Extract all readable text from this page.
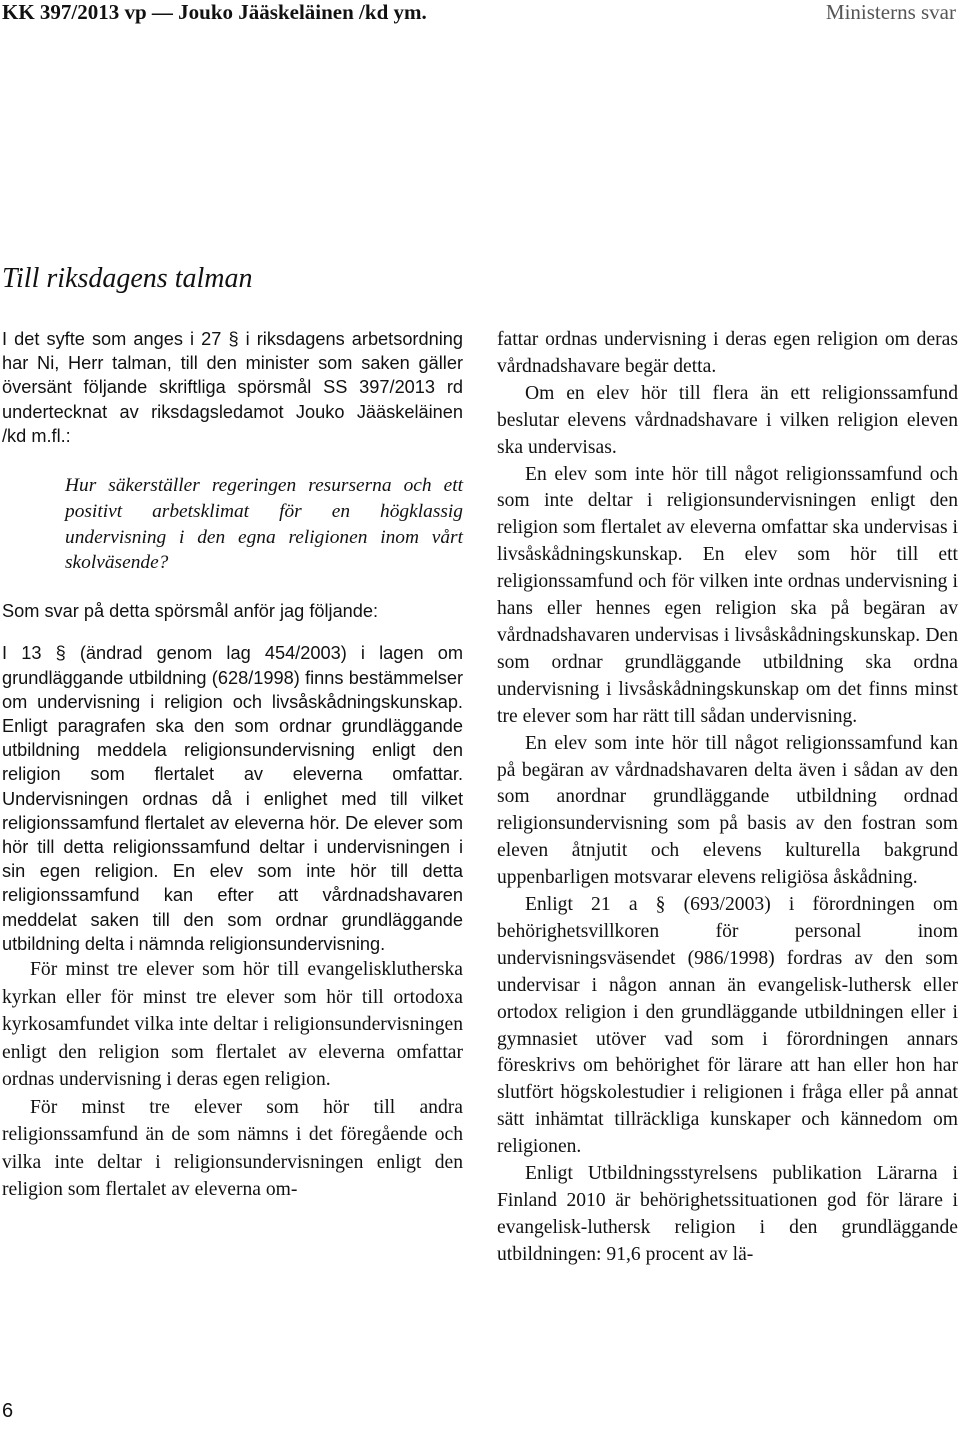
KK 397/2013 vp — Jouko Jääskeläinen /kd ym.	Ministerns svar
Till riksdagens talman

I det syfte som anges i 27 § i riksdagens arbetsordning har Ni, Herr talman, till den minister som saken gäller översänt följande skriftliga spörsmål SS 397/2013 rd undertecknat av riksdagsledamot Jouko Jääskeläinen /kd m.fl.:

Hur säkerställer regeringen resurserna och ett positivt arbetsklimat för en högklassig undervisning i den egna religionen inom vårt skolväsende?

Som svar på detta spörsmål anför jag följande:

I 13 § (ändrad genom lag 454/2003) i lagen om grundläggande utbildning (628/1998) finns bestämmelser om undervisning i religion och livsåskådningskunskap. Enligt paragrafen ska den som ordnar grundläggande utbildning meddela religionsundervisning enligt den religion som flertalet av eleverna omfattar. Undervisningen ordnas då i enlighet med till vilket religionssamfund flertalet av eleverna hör. De elever som hör till detta religionssamfund deltar i undervisningen i sin egen religion. En elev som inte hör till detta religionssamfund kan efter att vårdnadshavaren meddelat saken till den som ordnar grundläggande utbildning delta i nämnda religionsundervisning.

För minst tre elever som hör till evangelisklutherska kyrkan eller för minst tre elever som hör till ortodoxa kyrkosamfundet vilka inte deltar i religionsundervisningen enligt den religion som flertalet av eleverna omfattar ordnas undervisning i deras egen religion.

För minst tre elever som hör till andra religionssamfund än de som nämns i det föregående och vilka inte deltar i religionsundervisningen enligt den religion som flertalet av eleverna om-

fattar ordnas undervisning i deras egen religion om deras vårdnadshavare begär detta.

Om en elev hör till flera än ett religionssamfund beslutar elevens vårdnadshavare i vilken religion eleven ska undervisas.

En elev som inte hör till något religionssamfund och som inte deltar i religionsundervisningen enligt den religion som flertalet av eleverna omfattar ska undervisas i livsåskådningskunskap. En elev som hör till ett religionssamfund och för vilken inte ordnas undervisning i hans eller hennes egen religion ska på begäran av vårdnadshavaren undervisas i livsåskådningskunskap. Den som ordnar grundläggande utbildning ska ordna undervisning i livsåskådningskunskap om det finns minst tre elever som har rätt till sådan undervisning.

En elev som inte hör till något religionssamfund kan på begäran av vårdnadshavaren delta även i sådan av den som anordnar grundläggande utbildning ordnad religionsundervisning som på basis av den fostran som eleven åtnjutit och elevens kulturella bakgrund uppenbarligen motsvarar elevens religiösa åskådning.

Enligt 21 a § (693/2003) i förordningen om behörighetsvillkoren för personal inom undervisningsväsendet (986/1998) fordras av den som undervisar i någon annan än evangelisk-luthersk eller ortodox religion i den grundläggande utbildningen eller i gymnasiet utöver vad som i förordningen annars föreskrivs om behörighet för lärare att han eller hon har slutfört högskolestudier i religionen i fråga eller på annat sätt inhämtat tillräckliga kunskaper och kännedom om religionen.

Enligt Utbildningsstyrelsens publikation Lärarna i Finland 2010 är behörighetssituationen god för lärare i evangelisk-luthersk religion i den grundläggande utbildningen: 91,6 procent av lä-

6
